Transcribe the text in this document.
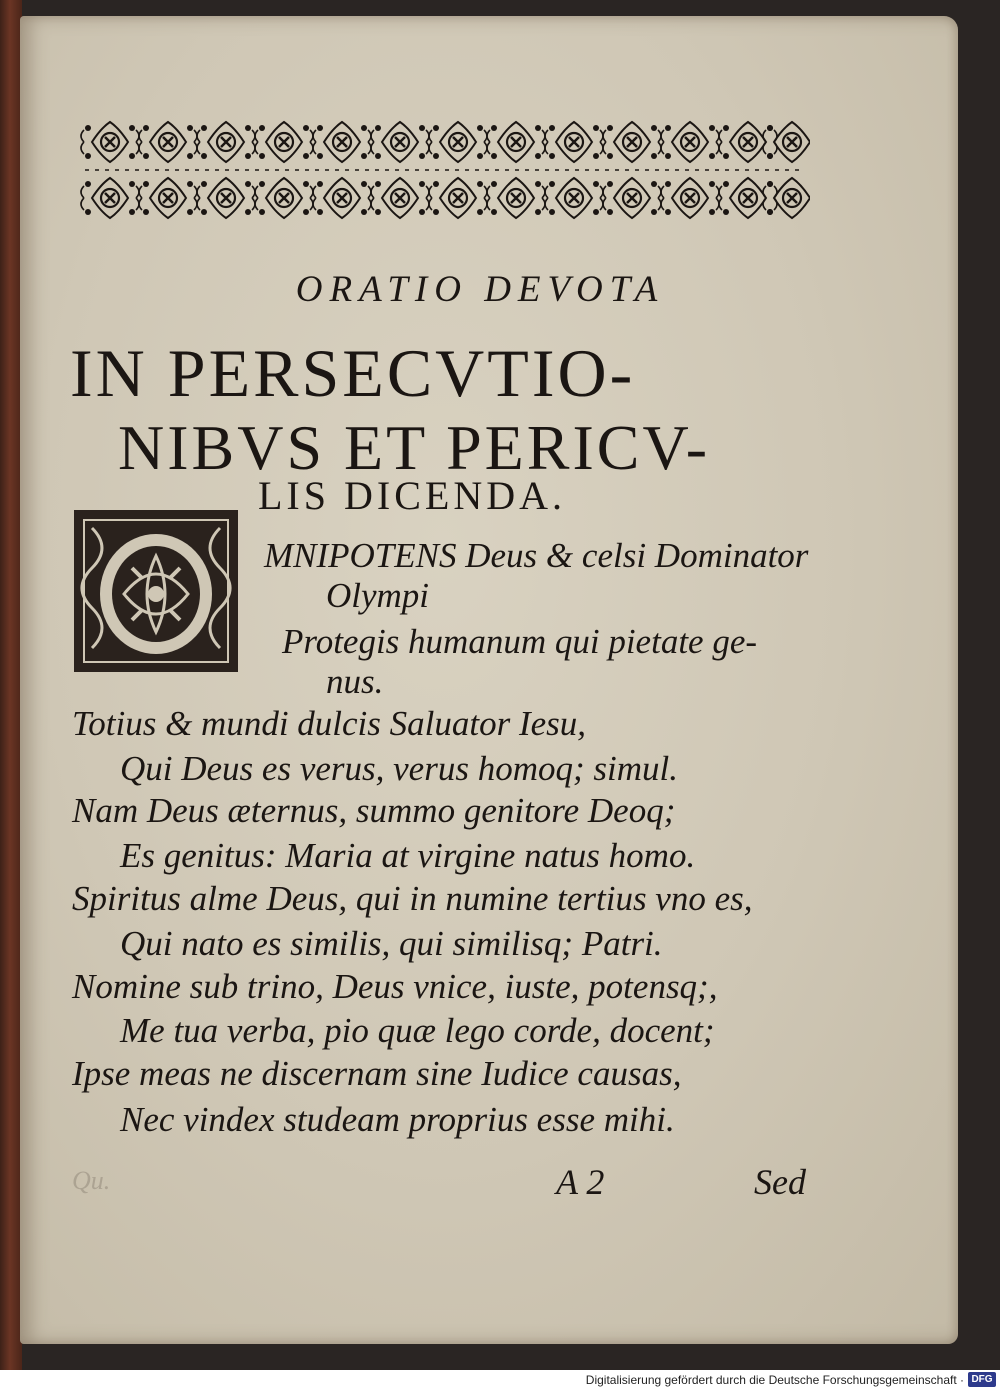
ORATIO DEVOTA
IN PERSECVTIO-
NIBVS ET PERICV-
LIS DICENDA.
MNIPOTENS Deus & celsi Dominator
Olympi
Protegis humanum qui pietate ge-
nus.
Totius & mundi dulcis Saluator Iesu,
Qui Deus es verus, verus homoq; simul.
Nam Deus æternus, summo genitore Deoq;
Es genitus: Maria at virgine natus homo.
Spiritus alme Deus, qui in numine tertius vno es,
Qui nato es similis, qui similisq; Patri.
Nomine sub trino, Deus vnice, iuste, potensq;,
Me tua verba, pio quæ lego corde, docent;
Ipse meas ne discernam sine Iudice causas,
Nec vindex studeam proprius esse mihi.
Qu.	A 2	Sed
Digitalisierung gefördert durch die Deutsche Forschungsgemeinschaft · DFG
